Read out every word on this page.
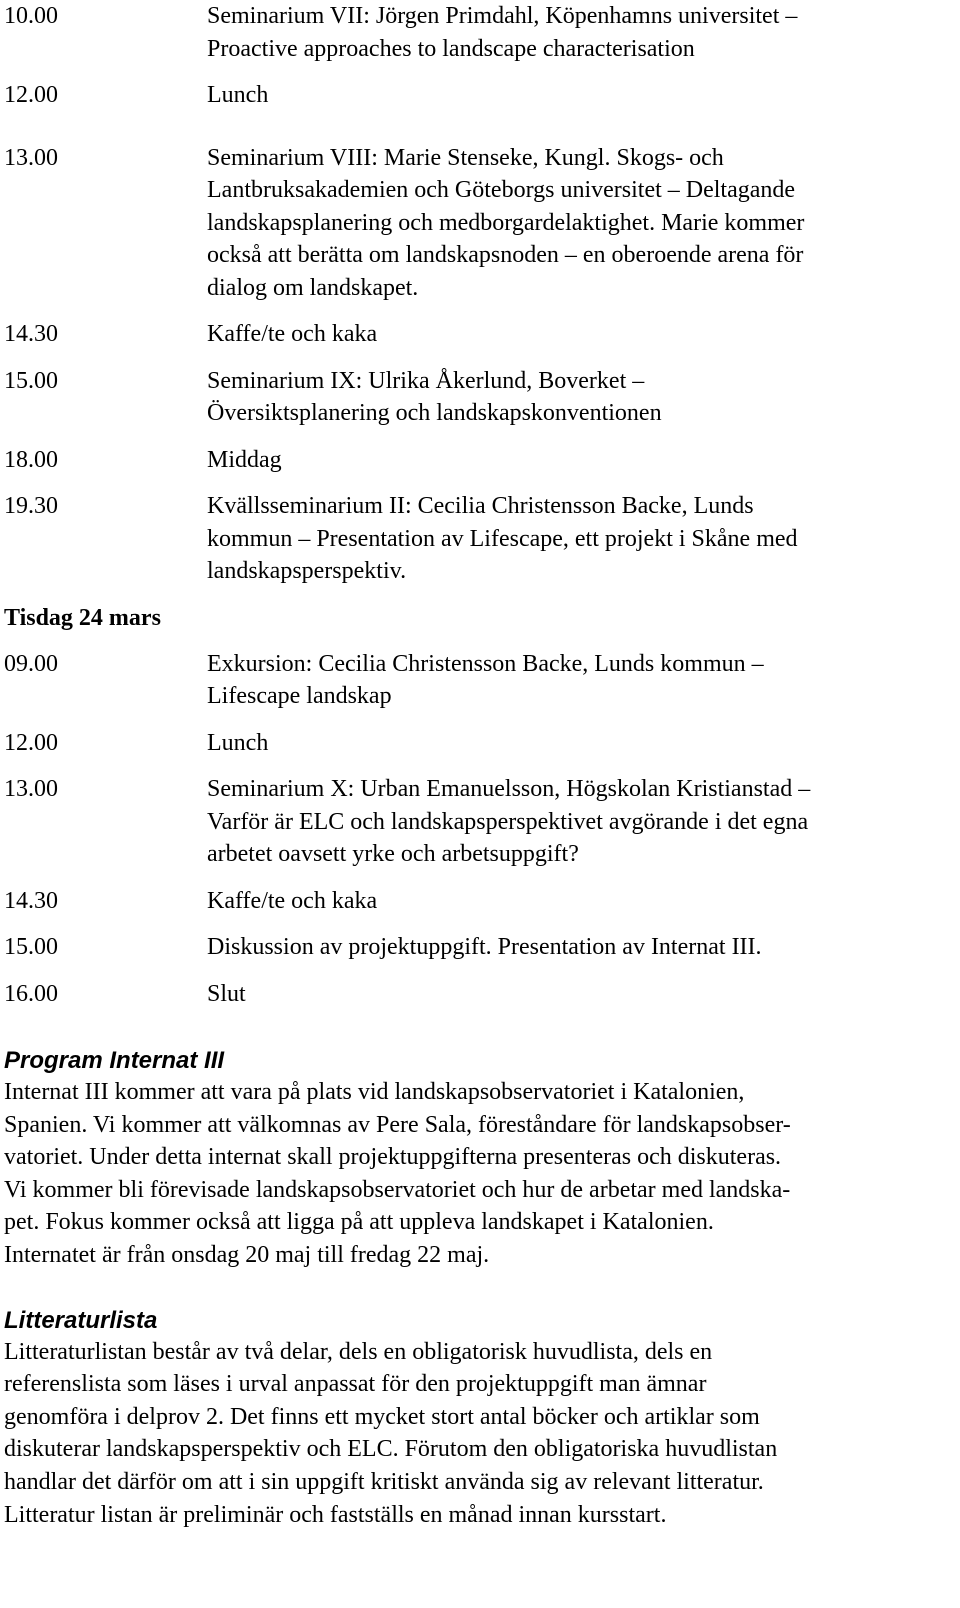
10.00	Seminarium VII: Jörgen Primdahl, Köpenhamns universitet –
Proactive approaches to landscape characterisation
12.00	Lunch
13.00	Seminarium VIII: Marie Stenseke, Kungl. Skogs- och
Lantbruksakademien och Göteborgs universitet – Deltagande
landskapsplanering och medborgardelaktighet. Marie kommer
också att berätta om landskapsnoden – en oberoende arena för
dialog om landskapet.
14.30	Kaffe/te och kaka
15.00	Seminarium IX: Ulrika Åkerlund, Boverket –
Översiktsplanering och landskapskonventionen
18.00	Middag
19.30	Kvällsseminarium II: Cecilia Christensson Backe, Lunds
kommun – Presentation av Lifescape, ett projekt i Skåne med
landskapsperspektiv.
Tisdag 24 mars
09.00	Exkursion: Cecilia Christensson Backe, Lunds kommun –
Lifescape landskap
12.00	Lunch
13.00	Seminarium X: Urban Emanuelsson, Högskolan Kristianstad –
Varför är ELC och landskapsperspektivet avgörande i det egna
arbetet oavsett yrke och arbetsuppgift?
14.30	Kaffe/te och kaka
15.00	Diskussion av projektuppgift. Presentation av Internat III.
16.00	Slut
Program Internat III

Internat III kommer att vara på plats vid landskapsobservatoriet i Katalonien,
Spanien. Vi kommer att välkomnas av Pere Sala, föreståndare för landskapsobser-
vatoriet. Under detta internat skall projektuppgifterna presenteras och diskuteras.
Vi kommer bli förevisade landskapsobservatoriet och hur de arbetar med landska-
pet. Fokus kommer också att ligga på att uppleva landskapet i Katalonien.
Internatet är från onsdag 20 maj till fredag 22 maj.

Litteraturlista

Litteraturlistan består av två delar, dels en obligatorisk huvudlista, dels en
referenslista som läses i urval anpassat för den projektuppgift man ämnar
genomföra i delprov 2. Det finns ett mycket stort antal böcker och artiklar som
diskuterar landskapsperspektiv och ELC. Förutom den obligatoriska huvudlistan
handlar det därför om att i sin uppgift kritiskt använda sig av relevant litteratur.
Litteratur listan är preliminär och fastställs en månad innan kursstart.
